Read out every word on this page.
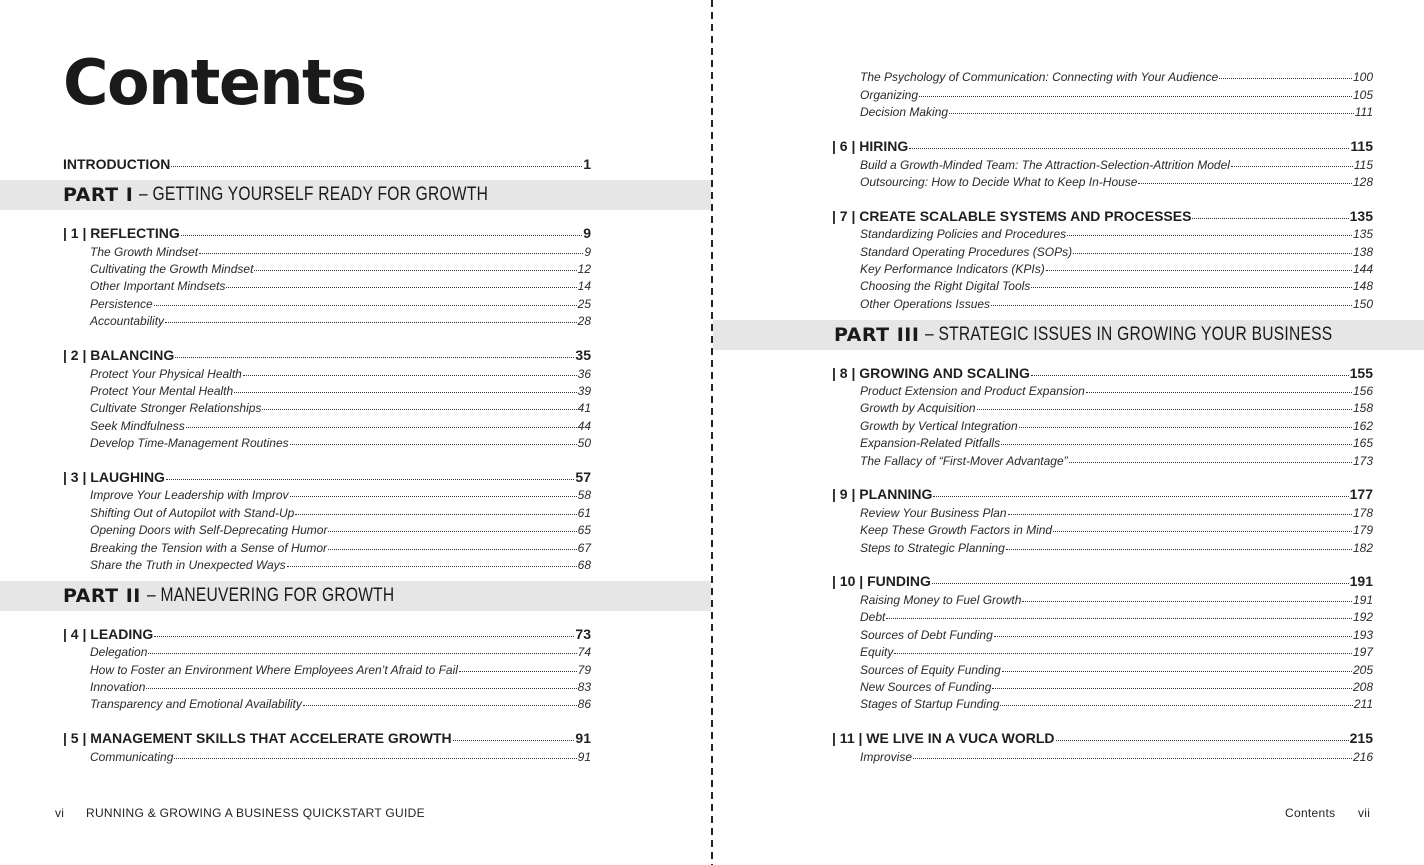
Contents
INTRODUCTION	1
PART I – GETTING YOURSELF READY FOR GROWTH
| 1 | REFLECTING	9
The Growth Mindset	9
Cultivating the Growth Mindset	12
Other Important Mindsets	14
Persistence	25
Accountability	28
| 2 | BALANCING	35
Protect Your Physical Health	36
Protect Your Mental Health	39
Cultivate Stronger Relationships	41
Seek Mindfulness	44
Develop Time-Management Routines	50
| 3 | LAUGHING	57
Improve Your Leadership with Improv	58
Shifting Out of Autopilot with Stand-Up	61
Opening Doors with Self-Deprecating Humor	65
Breaking the Tension with a Sense of Humor	67
Share the Truth in Unexpected Ways	68
PART II – MANEUVERING FOR GROWTH
| 4 | LEADING	73
Delegation	74
How to Foster an Environment Where Employees Aren’t Afraid to Fail	79
Innovation	83
Transparency and Emotional Availability	86
| 5 | MANAGEMENT SKILLS THAT ACCELERATE GROWTH	91
Communicating	91
vi RUNNING & GROWING A BUSINESS QUICKSTART GUIDE
The Psychology of Communication: Connecting with Your Audience	100
Organizing	105
Decision Making	111
| 6 | HIRING	115
Build a Growth-Minded Team: The Attraction-Selection-Attrition Model	115
Outsourcing: How to Decide What to Keep In-House	128
| 7 | CREATE SCALABLE SYSTEMS AND PROCESSES	135
Standardizing Policies and Procedures	135
Standard Operating Procedures (SOPs)	138
Key Performance Indicators (KPIs)	144
Choosing the Right Digital Tools	148
Other Operations Issues	150
PART III – STRATEGIC ISSUES IN GROWING YOUR BUSINESS
| 8 | GROWING AND SCALING	155
Product Extension and Product Expansion	156
Growth by Acquisition	158
Growth by Vertical Integration	162
Expansion-Related Pitfalls	165
The Fallacy of “First-Mover Advantage”	173
| 9 | PLANNING	177
Review Your Business Plan	178
Keep These Growth Factors in Mind	179
Steps to Strategic Planning	182
| 10 | FUNDING	191
Raising Money to Fuel Growth	191
Debt	192
Sources of Debt Funding	193
Equity	197
Sources of Equity Funding	205
New Sources of Funding	208
Stages of Startup Funding	211
| 11 | WE LIVE IN A VUCA WORLD	215
Improvise	216
Contents vii
